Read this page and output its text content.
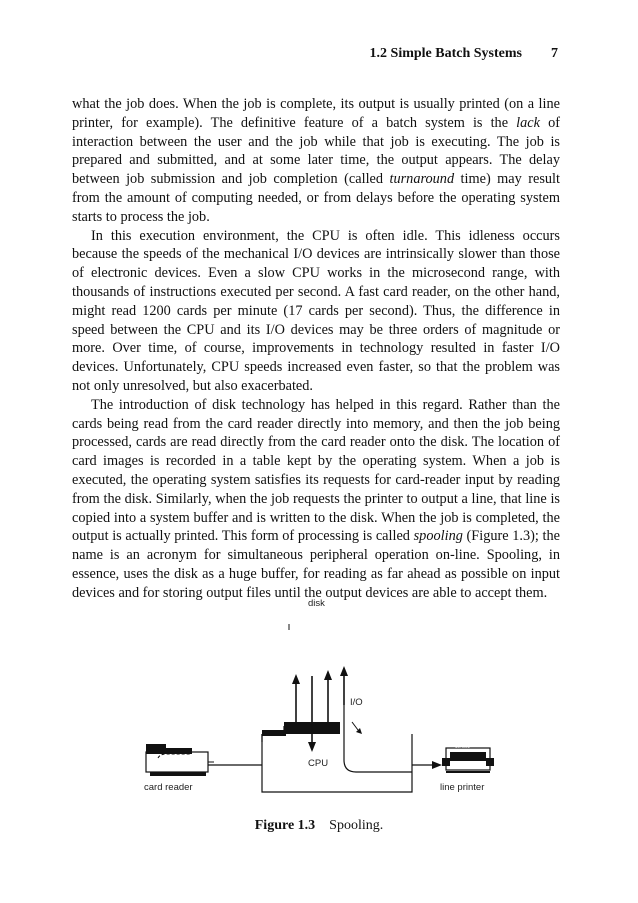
1.2 Simple Batch Systems 7

what the job does. When the job is complete, its output is usually printed (on a line printer, for example). The definitive feature of a batch system is the lack of interaction between the user and the job while that job is executing. The job is prepared and submitted, and at some later time, the output appears. The delay between job submission and job completion (called turnaround time) may result from the amount of computing needed, or from delays before the operating system starts to process the job.

In this execution environment, the CPU is often idle. This idleness occurs because the speeds of the mechanical I/O devices are intrinsically slower than those of electronic devices. Even a slow CPU works in the microsecond range, with thousands of instructions executed per second. A fast card reader, on the other hand, might read 1200 cards per minute (17 cards per second). Thus, the difference in speed between the CPU and its I/O devices may be three orders of magnitude or more. Over time, of course, improvements in technology resulted in faster I/O devices. Unfortunately, CPU speeds increased even faster, so that the problem was not only unresolved, but also exacerbated.

The introduction of disk technology has helped in this regard. Rather than the cards being read from the card reader directly into memory, and then the job being processed, cards are read directly from the card reader onto the disk. The location of card images is recorded in a table kept by the operating system. When a job is executed, the operating system satisfies its requests for card-reader input by reading from the disk. Similarly, when the job requests the printer to output a line, that line is copied into a system buffer and is written to the disk. When the job is completed, the output is actually printed. This form of processing is called spooling (Figure 1.3); the name is an acronym for simultaneous peripheral operation on-line. Spooling, in essence, uses the disk as a huge buffer, for reading as far ahead as possible on input devices and for storing output files until the output devices are able to accept them.

disk
I/O
CPU
card reader	line printer
on-line
Figure 1.3 Spooling.
